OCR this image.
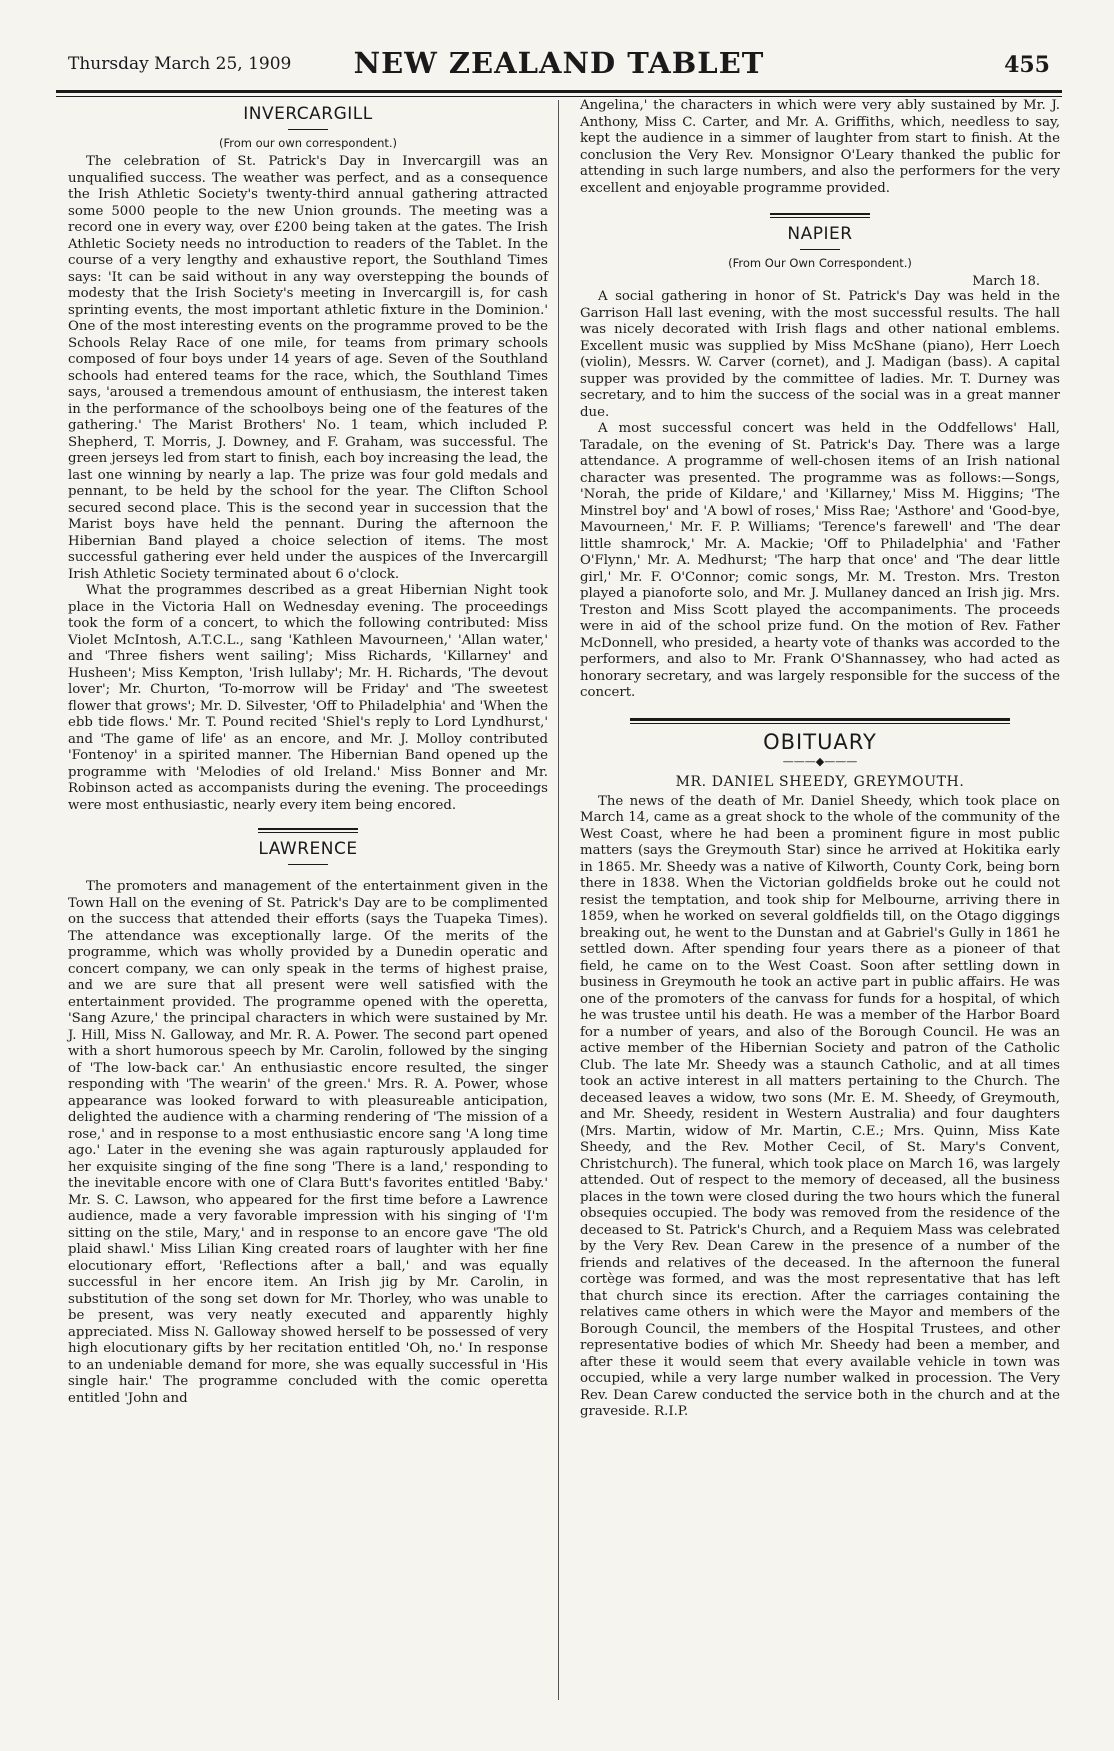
Thursday March 25, 1909	NEW ZEALAND TABLET	455
INVERCARGILL
(From our own correspondent.)

The celebration of St. Patrick's Day in Invercargill was an unqualified success. The weather was perfect, and as a consequence the Irish Athletic Society's twenty-third annual gathering attracted some 5000 people to the new Union grounds. The meeting was a record one in every way, over £200 being taken at the gates. The Irish Athletic Society needs no introduction to readers of the Tablet. In the course of a very lengthy and exhaustive report, the Southland Times says: 'It can be said without in any way overstepping the bounds of modesty that the Irish Society's meeting in Invercargill is, for cash sprinting events, the most important athletic fixture in the Dominion.' One of the most interesting events on the programme proved to be the Schools Relay Race of one mile, for teams from primary schools composed of four boys under 14 years of age. Seven of the Southland schools had entered teams for the race, which, the Southland Times says, 'aroused a tremendous amount of enthusiasm, the interest taken in the performance of the schoolboys being one of the features of the gathering.' The Marist Brothers' No. 1 team, which included P. Shepherd, T. Morris, J. Downey, and F. Graham, was successful. The green jerseys led from start to finish, each boy increasing the lead, the last one winning by nearly a lap. The prize was four gold medals and pennant, to be held by the school for the year. The Clifton School secured second place. This is the second year in succession that the Marist boys have held the pennant. During the afternoon the Hibernian Band played a choice selection of items. The most successful gathering ever held under the auspices of the Invercargill Irish Athletic Society terminated about 6 o'clock.

What the programmes described as a great Hibernian Night took place in the Victoria Hall on Wednesday evening. The proceedings took the form of a concert, to which the following contributed: Miss Violet McIntosh, A.T.C.L., sang 'Kathleen Mavourneen,' 'Allan water,' and 'Three fishers went sailing'; Miss Richards, 'Killarney' and Husheen'; Miss Kempton, 'Irish lullaby'; Mr. H. Richards, 'The devout lover'; Mr. Churton, 'To-morrow will be Friday' and 'The sweetest flower that grows'; Mr. D. Silvester, 'Off to Philadelphia' and 'When the ebb tide flows.' Mr. T. Pound recited 'Shiel's reply to Lord Lyndhurst,' and 'The game of life' as an encore, and Mr. J. Molloy contributed 'Fontenoy' in a spirited manner. The Hibernian Band opened up the programme with 'Melodies of old Ireland.' Miss Bonner and Mr. Robinson acted as accompanists during the evening. The proceedings were most enthusiastic, nearly every item being encored.

LAWRENCE

The promoters and management of the entertainment given in the Town Hall on the evening of St. Patrick's Day are to be complimented on the success that attended their efforts (says the Tuapeka Times). The attendance was exceptionally large. Of the merits of the programme, which was wholly provided by a Dunedin operatic and concert company, we can only speak in the terms of highest praise, and we are sure that all present were well satisfied with the entertainment provided. The programme opened with the operetta, 'Sang Azure,' the principal characters in which were sustained by Mr. J. Hill, Miss N. Galloway, and Mr. R. A. Power. The second part opened with a short humorous speech by Mr. Carolin, followed by the singing of 'The low-back car.' An enthusiastic encore resulted, the singer responding with 'The wearin' of the green.' Mrs. R. A. Power, whose appearance was looked forward to with pleasureable anticipation, delighted the audience with a charming rendering of 'The mission of a rose,' and in response to a most enthusiastic encore sang 'A long time ago.' Later in the evening she was again rapturously applauded for her exquisite singing of the fine song 'There is a land,' responding to the inevitable encore with one of Clara Butt's favorites entitled 'Baby.' Mr. S. C. Lawson, who appeared for the first time before a Lawrence audience, made a very favorable impression with his singing of 'I'm sitting on the stile, Mary,' and in response to an encore gave 'The old plaid shawl.' Miss Lilian King created roars of laughter with her fine elocutionary effort, 'Reflections after a ball,' and was equally successful in her encore item. An Irish jig by Mr. Carolin, in substitution of the song set down for Mr. Thorley, who was unable to be present, was very neatly executed and apparently highly appreciated. Miss N. Galloway showed herself to be possessed of very high elocutionary gifts by her recitation entitled 'Oh, no.' In response to an undeniable demand for more, she was equally successful in 'His single hair.' The programme concluded with the comic operetta entitled 'John and

Angelina,' the characters in which were very ably sustained by Mr. J. Anthony, Miss C. Carter, and Mr. A. Griffiths, which, needless to say, kept the audience in a simmer of laughter from start to finish. At the conclusion the Very Rev. Monsignor O'Leary thanked the public for attending in such large numbers, and also the performers for the very excellent and enjoyable programme provided.

NAPIER
(From Our Own Correspondent.)
March 18.

A social gathering in honor of St. Patrick's Day was held in the Garrison Hall last evening, with the most successful results. The hall was nicely decorated with Irish flags and other national emblems. Excellent music was supplied by Miss McShane (piano), Herr Loech (violin), Messrs. W. Carver (cornet), and J. Madigan (bass). A capital supper was provided by the committee of ladies. Mr. T. Durney was secretary, and to him the success of the social was in a great manner due.

A most successful concert was held in the Oddfellows' Hall, Taradale, on the evening of St. Patrick's Day. There was a large attendance. A programme of well-chosen items of an Irish national character was presented. The programme was as follows:—Songs, 'Norah, the pride of Kildare,' and 'Killarney,' Miss M. Higgins; 'The Minstrel boy' and 'A bowl of roses,' Miss Rae; 'Asthore' and 'Good-bye, Mavourneen,' Mr. F. P. Williams; 'Terence's farewell' and 'The dear little shamrock,' Mr. A. Mackie; 'Off to Philadelphia' and 'Father O'Flynn,' Mr. A. Medhurst; 'The harp that once' and 'The dear little girl,' Mr. F. O'Connor; comic songs, Mr. M. Treston. Mrs. Treston played a pianoforte solo, and Mr. J. Mullaney danced an Irish jig. Mrs. Treston and Miss Scott played the accompaniments. The proceeds were in aid of the school prize fund. On the motion of Rev. Father McDonnell, who presided, a hearty vote of thanks was accorded to the performers, and also to Mr. Frank O'Shannassey, who had acted as honorary secretary, and was largely responsible for the success of the concert.

OBITUARY
———◆———
MR. DANIEL SHEEDY, GREYMOUTH.

The news of the death of Mr. Daniel Sheedy, which took place on March 14, came as a great shock to the whole of the community of the West Coast, where he had been a prominent figure in most public matters (says the Greymouth Star) since he arrived at Hokitika early in 1865. Mr. Sheedy was a native of Kilworth, County Cork, being born there in 1838. When the Victorian goldfields broke out he could not resist the temptation, and took ship for Melbourne, arriving there in 1859, when he worked on several goldfields till, on the Otago diggings breaking out, he went to the Dunstan and at Gabriel's Gully in 1861 he settled down. After spending four years there as a pioneer of that field, he came on to the West Coast. Soon after settling down in business in Greymouth he took an active part in public affairs. He was one of the promoters of the canvass for funds for a hospital, of which he was trustee until his death. He was a member of the Harbor Board for a number of years, and also of the Borough Council. He was an active member of the Hibernian Society and patron of the Catholic Club. The late Mr. Sheedy was a staunch Catholic, and at all times took an active interest in all matters pertaining to the Church. The deceased leaves a widow, two sons (Mr. E. M. Sheedy, of Greymouth, and Mr. Sheedy, resident in Western Australia) and four daughters (Mrs. Martin, widow of Mr. Martin, C.E.; Mrs. Quinn, Miss Kate Sheedy, and the Rev. Mother Cecil, of St. Mary's Convent, Christchurch). The funeral, which took place on March 16, was largely attended. Out of respect to the memory of deceased, all the business places in the town were closed during the two hours which the funeral obsequies occupied. The body was removed from the residence of the deceased to St. Patrick's Church, and a Requiem Mass was celebrated by the Very Rev. Dean Carew in the presence of a number of the friends and relatives of the deceased. In the afternoon the funeral cortège was formed, and was the most representative that has left that church since its erection. After the carriages containing the relatives came others in which were the Mayor and members of the Borough Council, the members of the Hospital Trustees, and other representative bodies of which Mr. Sheedy had been a member, and after these it would seem that every available vehicle in town was occupied, while a very large number walked in procession. The Very Rev. Dean Carew conducted the service both in the church and at the graveside. R.I.P.
